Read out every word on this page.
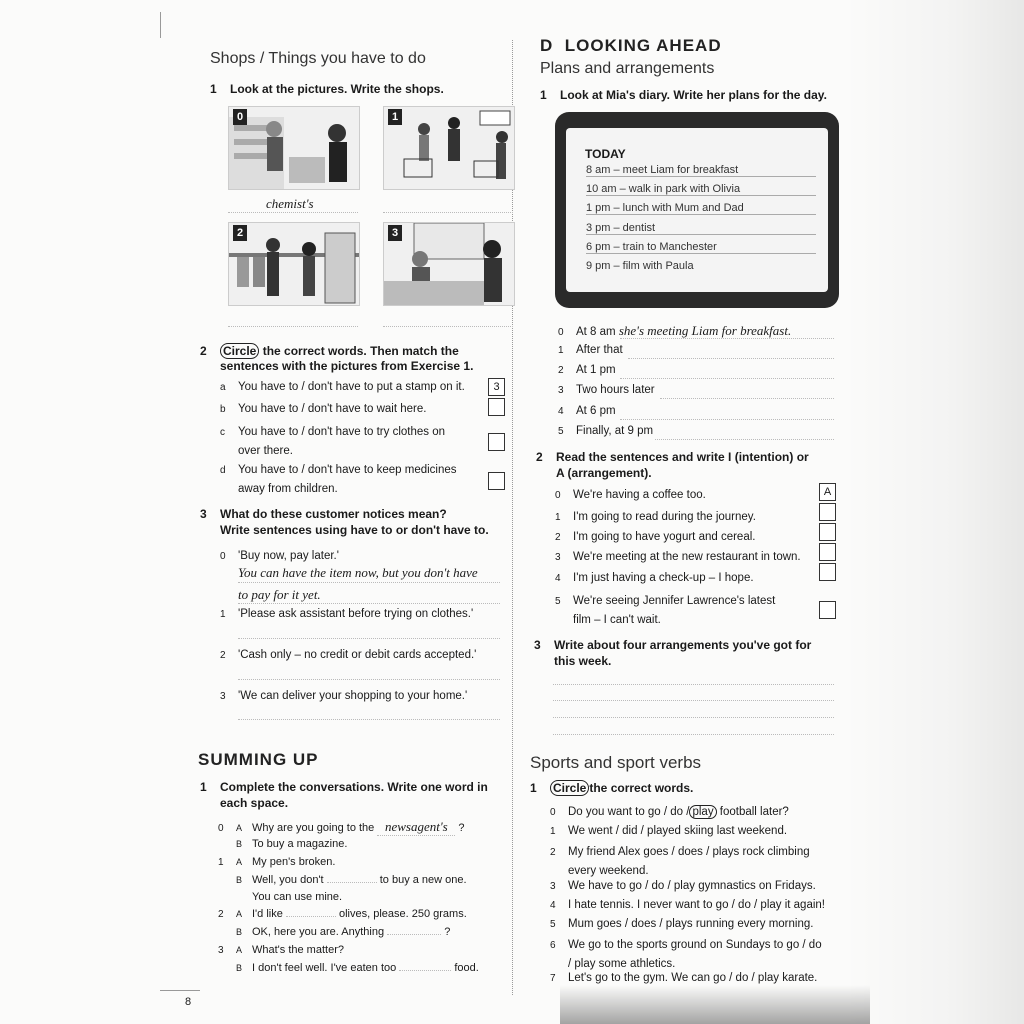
Shops / Things you have to do
1 Look at the pictures. Write the shops.
0
chemist's
1
2	3
2 Circle the correct words. Then match the
sentences with the pictures from Exercise 1.
a You have to / don't have to put a stamp on it.	3
b You have to / don't have to wait here.
c You have to / don't have to try clothes on
over there.
d You have to / don't have to keep medicines
away from children.
3 What do these customer notices mean?
Write sentences using have to or don't have to.
0 'Buy now, pay later.'
You can have the item now, but you don't have
to pay for it yet.
1 'Please ask assistant before trying on clothes.'
2 'Cash only – no credit or debit cards accepted.'
3 'We can deliver your shopping to your home.'
SUMMING UP
1 Complete the conversations. Write one word in
each space.
0 A Why are you going to the newsagent's ?
B To buy a magazine.
1 A My pen's broken.
B Well, you don't	to buy a new one.
You can use mine.
2 A I'd like	olives, please. 250 grams.
B OK, here you are. Anything	?
3 A What's the matter?
B I don't feel well. I've eaten too	food.
8
D LOOKING AHEAD
Plans and arrangements
1 Look at Mia's diary. Write her plans for the day.
TODAY
8 am – meet Liam for breakfast
10 am – walk in park with Olivia
1 pm – lunch with Mum and Dad
3 pm – dentist
6 pm – train to Manchester
9 pm – film with Paula
0 At 8 am she's meeting Liam for breakfast.
1 After that
2 At 1 pm
3 Two hours later
4 At 6 pm
5 Finally, at 9 pm
2 Read the sentences and write I (intention) or
A (arrangement).
0 We're having a coffee too.	A
1 I'm going to read during the journey.
2 I'm going to have yogurt and cereal.
3 We're meeting at the new restaurant in town.
4 I'm just having a check-up – I hope.
5 We're seeing Jennifer Lawrence's latest
film – I can't wait.
3 Write about four arrangements you've got for
this week.
Sports and sport verbs
1 Circle the correct words.
0 Do you want to go / do / play football later?
1 We went / did / played skiing last weekend.
2 My friend Alex goes / does / plays rock climbing
every weekend.
3 We have to go / do / play gymnastics on Fridays.
4 I hate tennis. I never want to go / do / play it again!
5 Mum goes / does / plays running every morning.
6 We go to the sports ground on Sundays to go / do
/ play some athletics.
7 Let's go to the gym. We can go / do / play karate.
